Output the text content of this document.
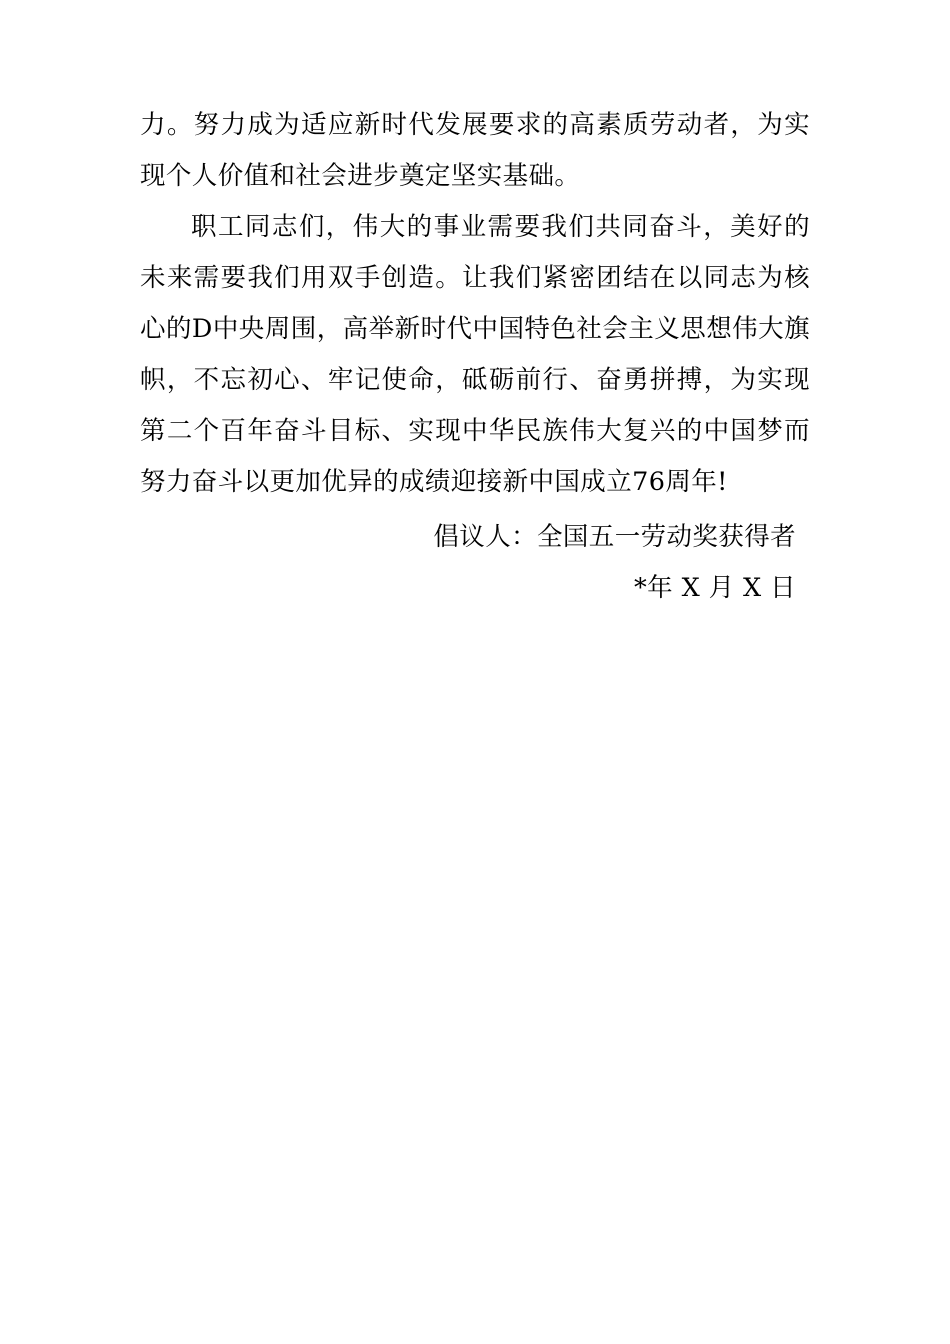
力。努力成为适应新时代发展要求的高素质劳动者，为实现个人价值和社会进步奠定坚实基础。

职工同志们，伟大的事业需要我们共同奋斗，美好的未来需要我们用双手创造。让我们紧密团结在以同志为核心的D中央周围，高举新时代中国特色社会主义思想伟大旗帜，不忘初心、牢记使命，砥砺前行、奋勇拼搏，为实现第二个百年奋斗目标、实现中华民族伟大复兴的中国梦而努力奋斗以更加优异的成绩迎接新中国成立76周年!

倡议人：全国五一劳动奖获得者

*年 X 月 X 日
